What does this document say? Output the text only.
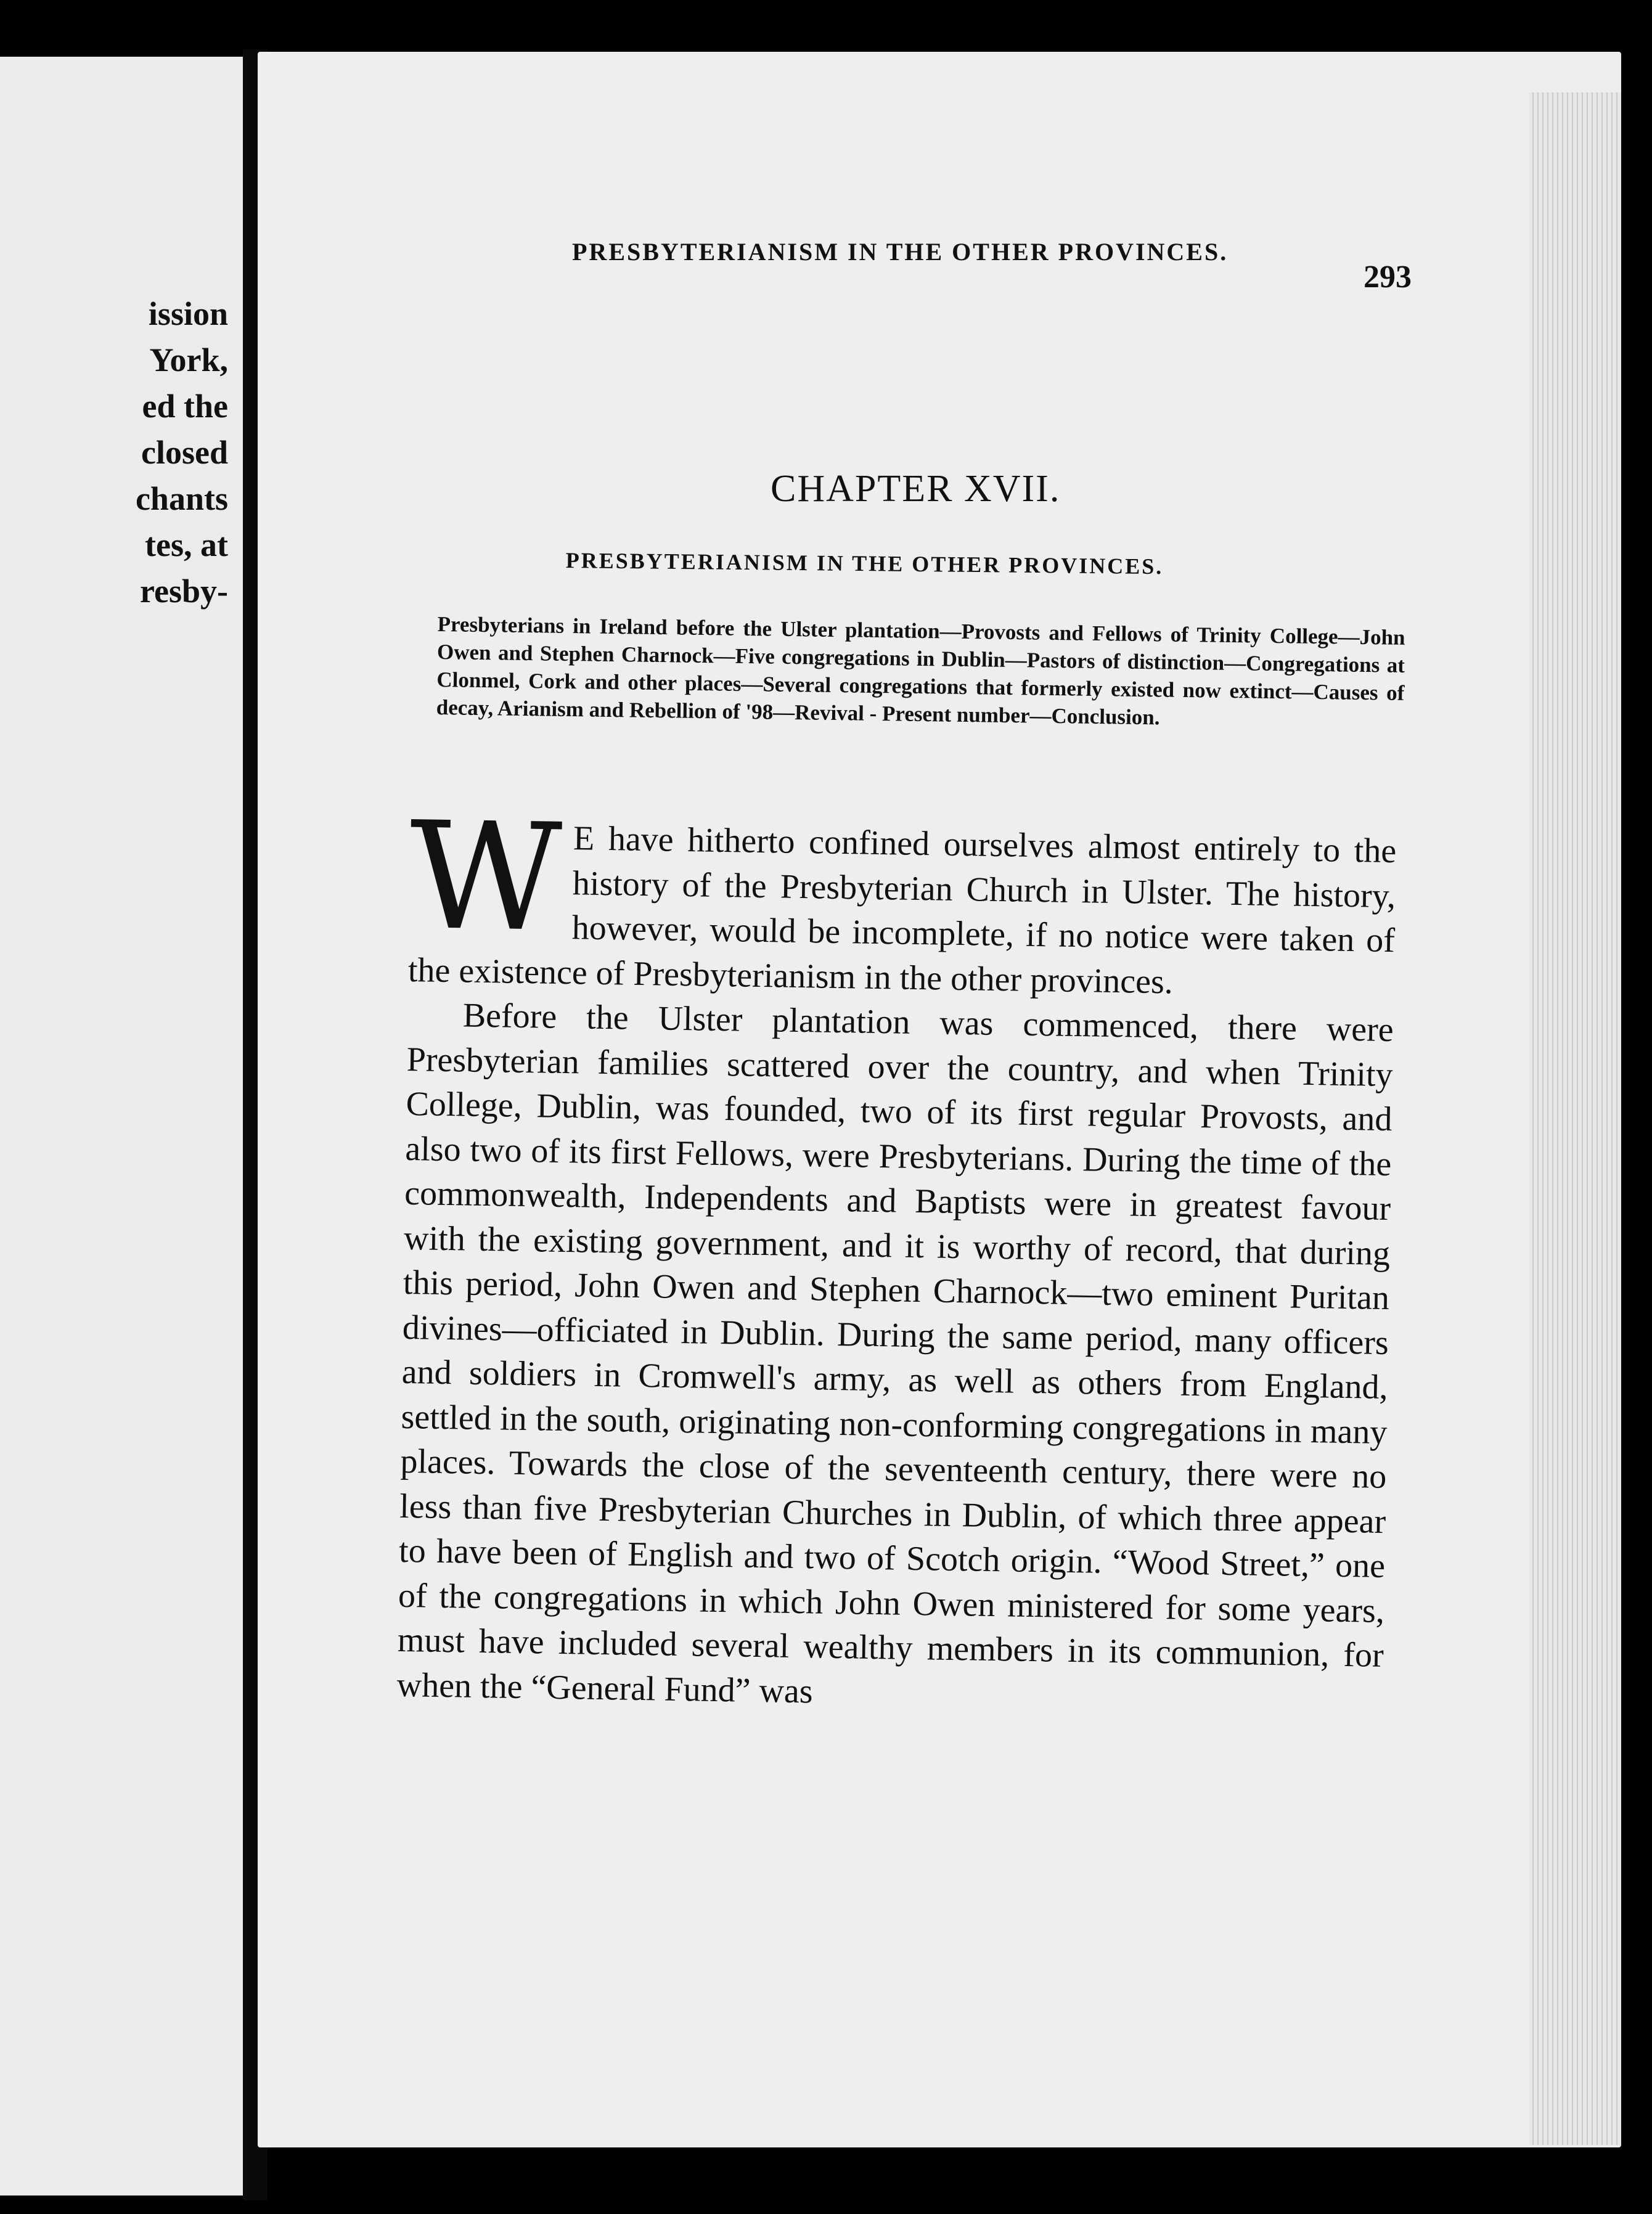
ission
York,
ed the
closed
chants
tes, at
resby-
PRESBYTERIANISM IN THE OTHER PROVINCES.
293
CHAPTER XVII.
PRESBYTERIANISM IN THE OTHER PROVINCES.
Presbyterians in Ireland before the Ulster plantation—Provosts and Fellows of Trinity College—John Owen and Stephen Charnock—Five congregations in Dublin—Pastors of distinction—Congregations at Clonmel, Cork and other places—Several congregations that formerly existed now extinct—Causes of decay, Arianism and Rebellion of '98—Revival - Present number—Conclusion.

W E have hitherto confined ourselves almost entirely to the history of the Presbyterian Church in Ulster. The history, however, would be incomplete, if no notice were taken of the existence of Presbyterianism in the other provinces.

Before the Ulster plantation was commenced, there were Presbyterian families scattered over the country, and when Trinity College, Dublin, was founded, two of its first regular Provosts, and also two of its first Fellows, were Presbyterians. During the time of the commonwealth, Independents and Baptists were in greatest favour with the existing government, and it is worthy of record, that during this period, John Owen and Stephen Charnock—two eminent Puritan divines—officiated in Dublin. During the same period, many officers and soldiers in Cromwell's army, as well as others from England, settled in the south, originating non-conforming congregations in many places. Towards the close of the seventeenth century, there were no less than five Presbyterian Churches in Dublin, of which three appear to have been of English and two of Scotch origin. “Wood Street,” one of the congregations in which John Owen ministered for some years, must have included several wealthy members in its communion, for when the “General Fund” was
